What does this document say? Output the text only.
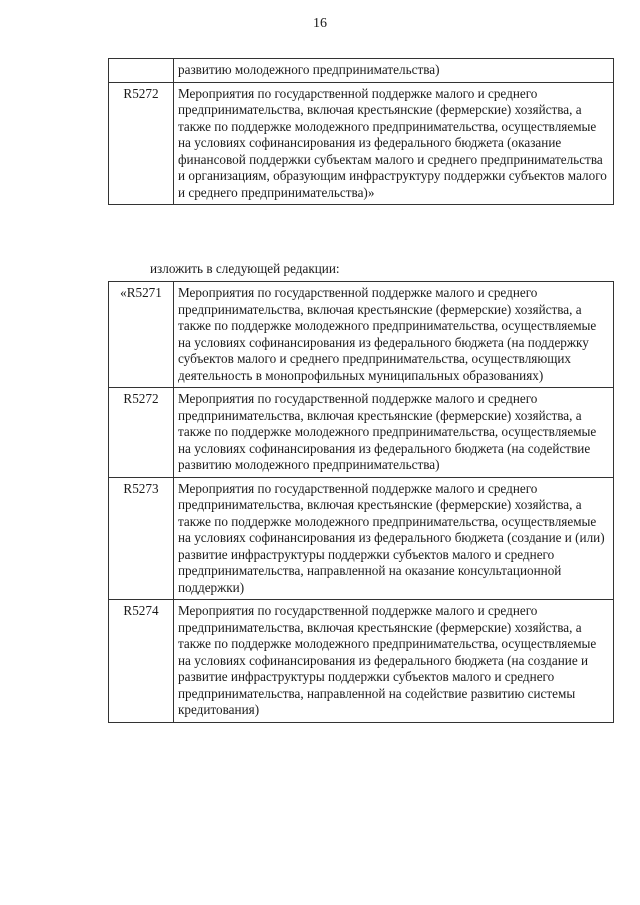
16
	развитию молодежного предпринимательства)
R5272	Мероприятия по государственной поддержке малого и среднего предпринимательства, включая крестьянские (фермерские) хозяйства, а также по поддержке молодежного предпринимательства, осуществляемые на условиях софинансирования из федерального бюджета (оказание финансовой поддержки субъектам малого и среднего предпринимательства и организациям, образующим инфраструктуру поддержки субъектов малого и среднего предпринимательства)»
изложить в следующей редакции:
«R5271	Мероприятия по государственной поддержке малого и среднего предпринимательства, включая крестьянские (фермерские) хозяйства, а также по поддержке молодежного предпринимательства, осуществляемые на условиях софинансирования из федерального бюджета (на поддержку субъектов малого и среднего предпринимательства, осуществляющих деятельность в монопрофильных муниципальных образованиях)
R5272	Мероприятия по государственной поддержке малого и среднего предпринимательства, включая крестьянские (фермерские) хозяйства, а также по поддержке молодежного предпринимательства, осуществляемые на условиях софинансирования из федерального бюджета (на содействие развитию молодежного предпринимательства)
R5273	Мероприятия по государственной поддержке малого и среднего предпринимательства, включая крестьянские (фермерские) хозяйства, а также по поддержке молодежного предпринимательства, осуществляемые на условиях софинансирования из федерального бюджета (создание и (или) развитие инфраструктуры поддержки субъектов малого и среднего предпринимательства, направленной на оказание консультационной поддержки)
R5274	Мероприятия по государственной поддержке малого и среднего предпринимательства, включая крестьянские (фермерские) хозяйства, а также по поддержке молодежного предпринимательства, осуществляемые на условиях софинансирования из федерального бюджета (на создание и развитие инфраструктуры поддержки субъектов малого и среднего предпринимательства, направленной на содействие развитию системы кредитования)
